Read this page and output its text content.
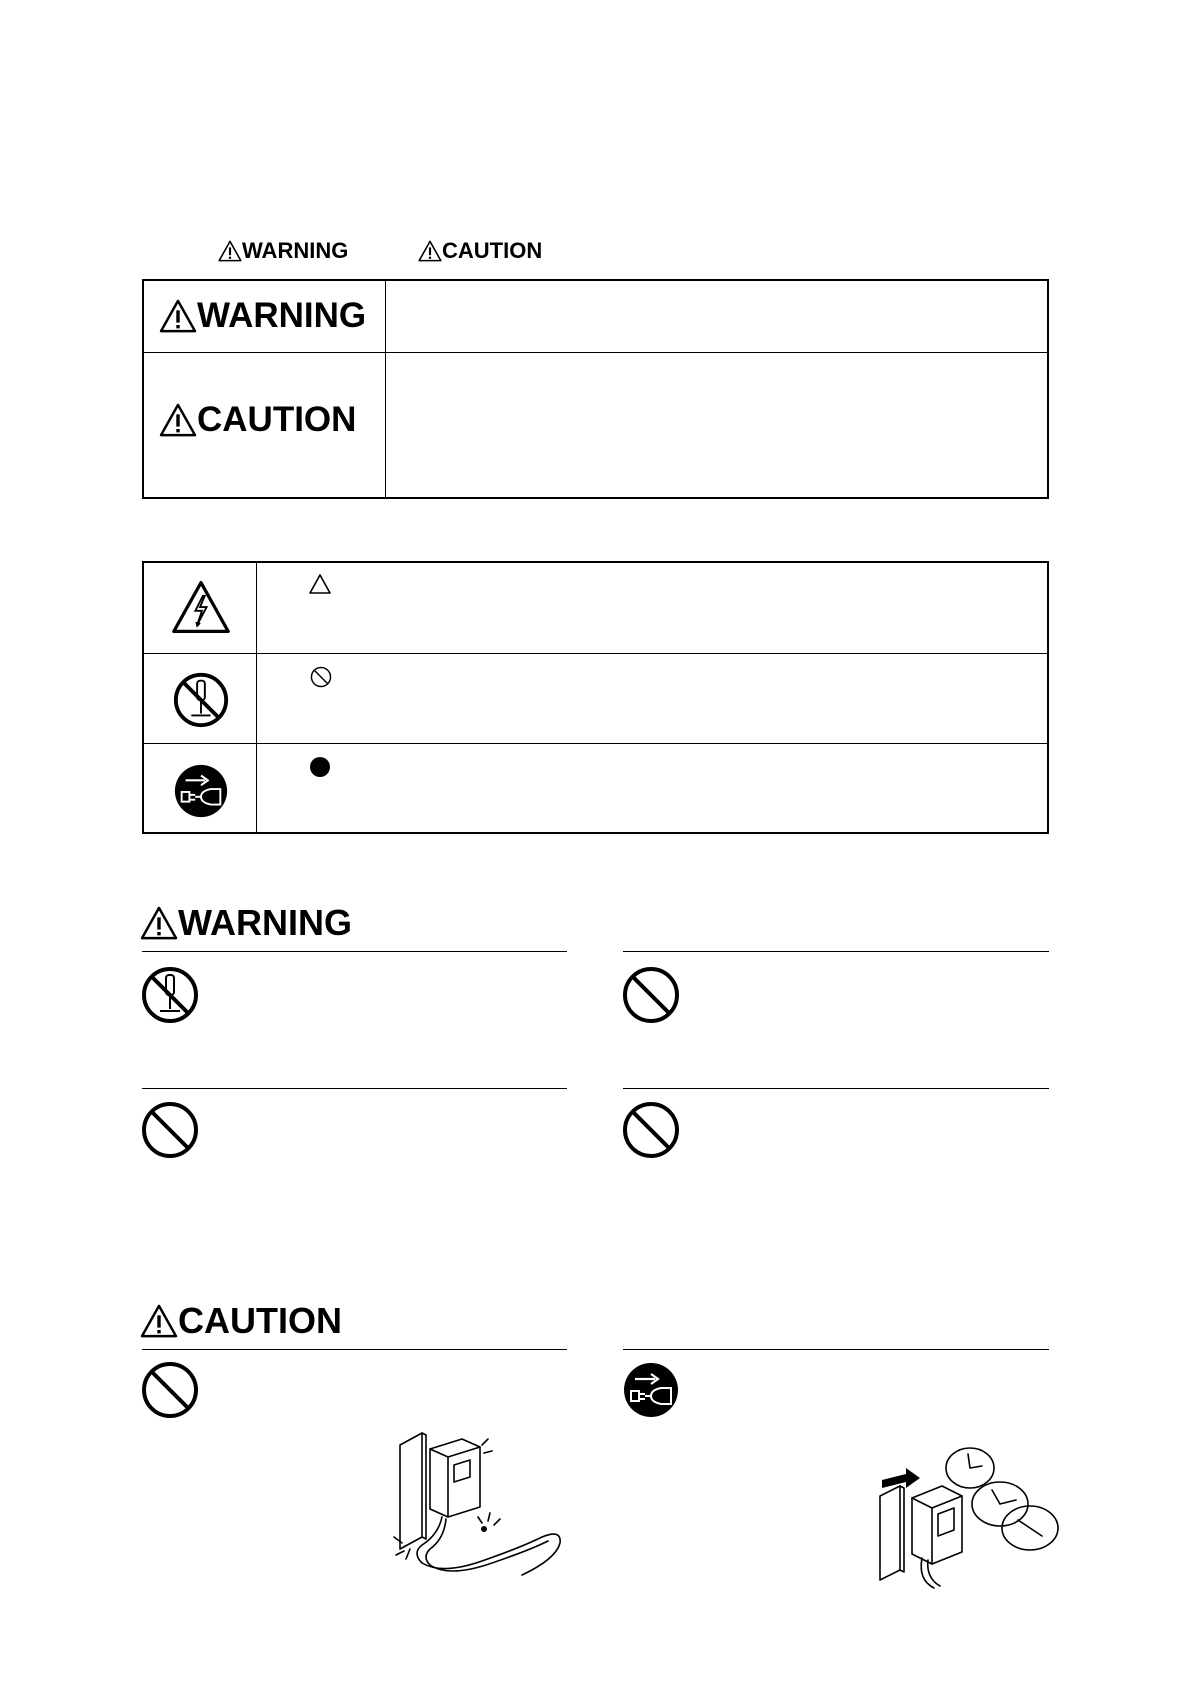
WARNING	CAUTION
WARNING
CAUTION
WARNING
CAUTION
